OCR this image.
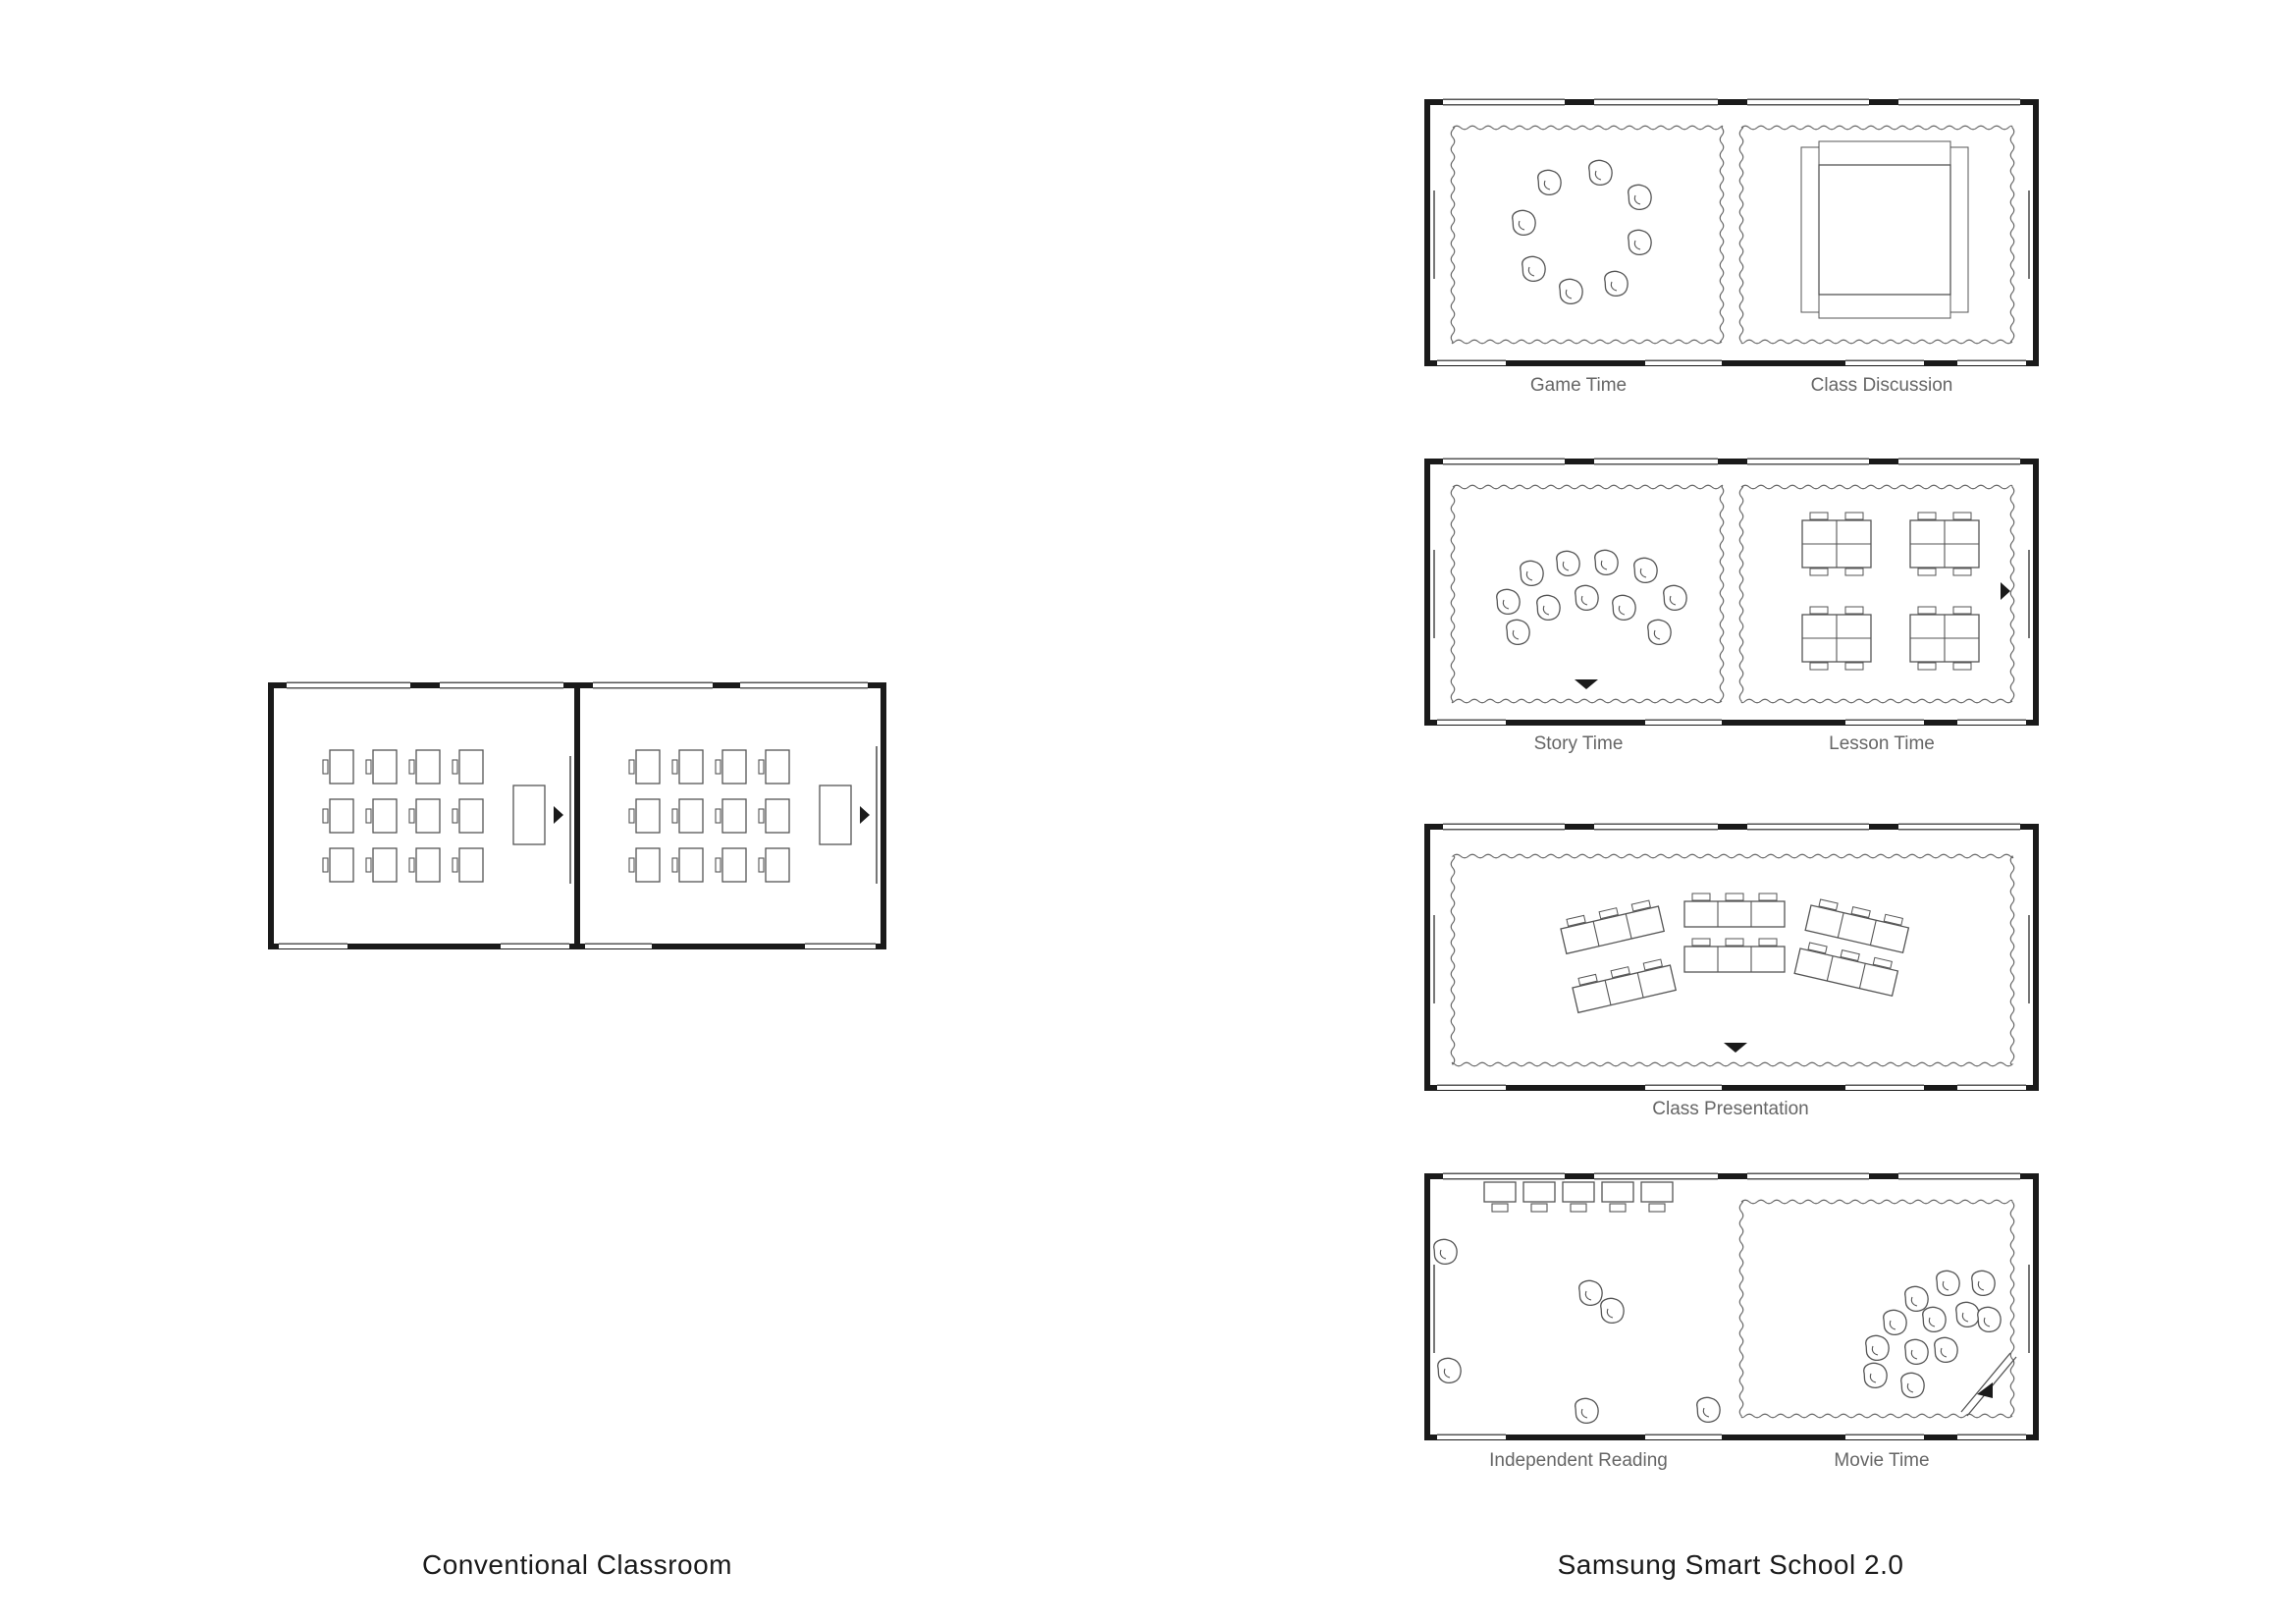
Conventional Classroom
Game Time	Class Discussion
Story Time	Lesson Time
Class Presentation
Independent Reading	Movie Time
Samsung Smart School 2.0
